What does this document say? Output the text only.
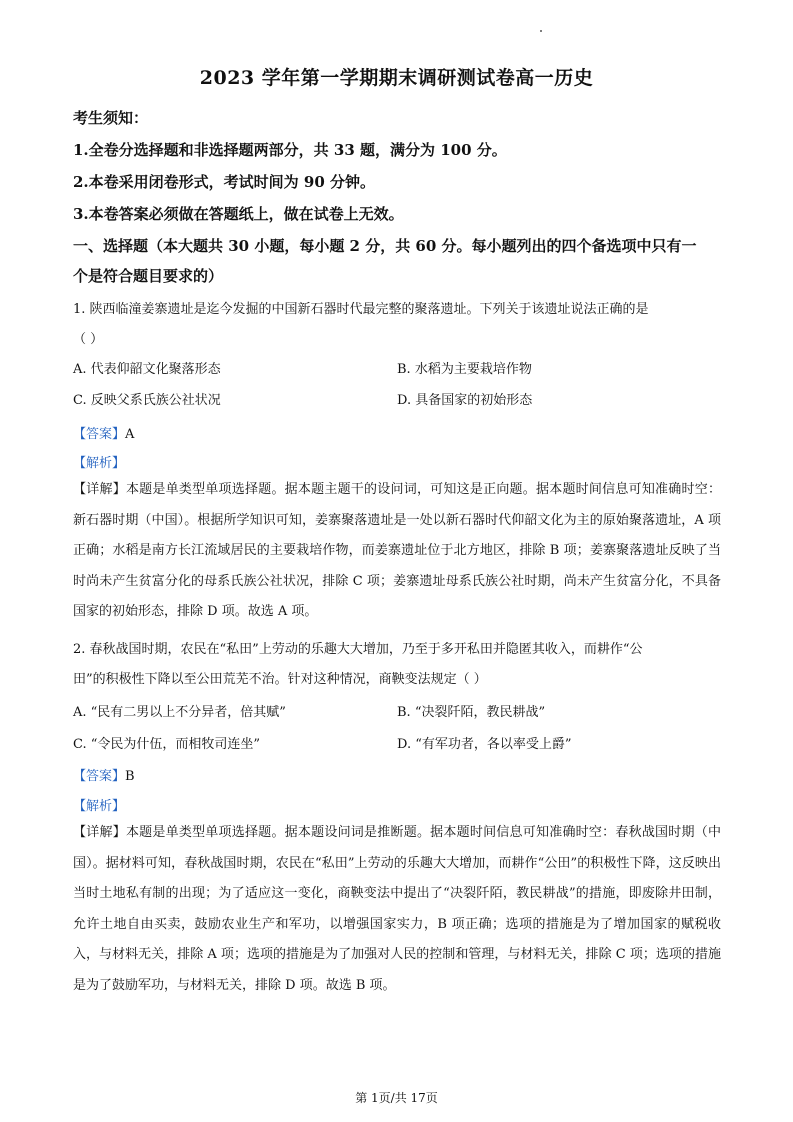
2023 学年第一学期期末调研测试卷高一历史
考生须知：
1.全卷分选择题和非选择题两部分，共 33 题，满分为 100 分。
2.本卷采用闭卷形式，考试时间为 90 分钟。
3.本卷答案必须做在答题纸上，做在试卷上无效。
一、选择题（本大题共 30 小题，每小题 2 分，共 60 分。每小题列出的四个备选项中只有一
个是符合题目要求的）
1. 陕西临潼姜寨遗址是迄今发掘的中国新石器时代最完整的聚落遗址。下列关于该遗址说法正确的是
（ ）
A. 代表仰韶文化聚落形态	B. 水稻为主要栽培作物
C. 反映父系氏族公社状况	D. 具备国家的初始形态
【答案】A
【解析】
【详解】本题是单类型单项选择题。据本题主题干的设问词，可知这是正向题。据本题时间信息可知准确时空：新石器时期（中国）。根据所学知识可知，姜寨聚落遗址是一处以新石器时代仰韶文化为主的原始聚落遗址，A 项正确；水稻是南方长江流域居民的主要栽培作物，而姜寨遗址位于北方地区，排除 B 项；姜寨聚落遗址反映了当时尚未产生贫富分化的母系氏族公社状况，排除 C 项；姜寨遗址母系氏族公社时期，尚未产生贫富分化，不具备国家的初始形态，排除 D 项。故选 A 项。
2. 春秋战国时期，农民在“私田”上劳动的乐趣大大增加，乃至于多开私田并隐匿其收入，而耕作“公
田”的积极性下降以至公田荒芜不治。针对这种情况，商鞅变法规定（ ）
A. “民有二男以上不分异者，倍其赋”	B. “决裂阡陌，教民耕战”
C. “令民为什伍，而相牧司连坐”	D. “有军功者，各以率受上爵”
【答案】B
【解析】
【详解】本题是单类型单项选择题。据本题设问词是推断题。据本题时间信息可知准确时空：春秋战国时期（中国）。据材料可知，春秋战国时期，农民在“私田”上劳动的乐趣大大增加，而耕作“公田”的积极性下降，这反映出当时土地私有制的出现；为了适应这一变化，商鞅变法中提出了“决裂阡陌，教民耕战”的措施，即废除井田制，允许土地自由买卖，鼓励农业生产和军功，以增强国家实力，B 项正确；选项的措施是为了增加国家的赋税收入，与材料无关，排除 A 项；选项的措施是为了加强对人民的控制和管理，与材料无关，排除 C 项；选项的措施是为了鼓励军功，与材料无关，排除 D 项。故选 B 项。
第 1页/共 17页
